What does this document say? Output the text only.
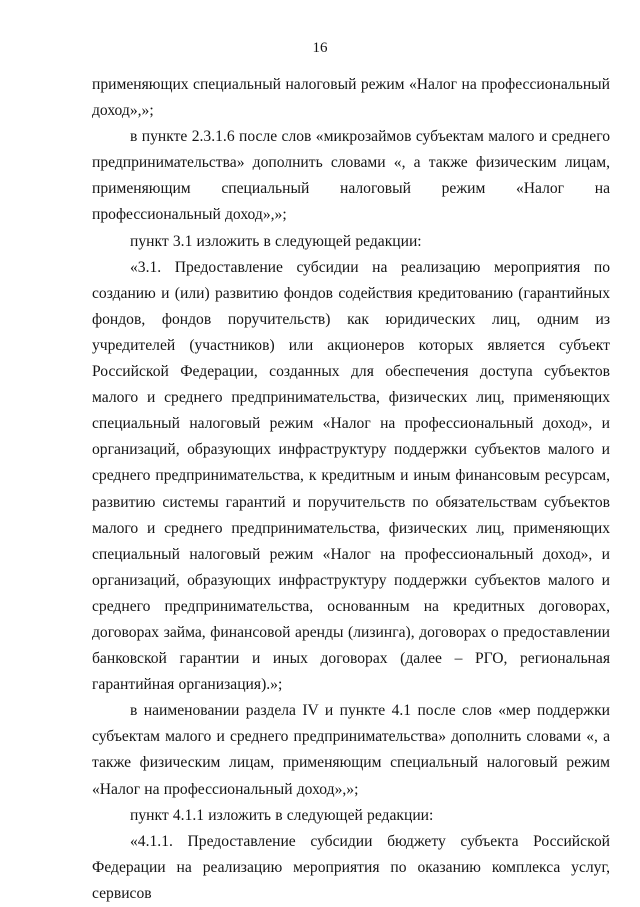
16

применяющих специальный налоговый режим «Налог на профессиональный доход»,»;

в пункте 2.3.1.6 после слов «микрозаймов субъектам малого и среднего предпринимательства» дополнить словами «, а также физическим лицам, применяющим специальный налоговый режим «Налог на профессиональный доход»,»;

пункт 3.1 изложить в следующей редакции:

«3.1. Предоставление субсидии на реализацию мероприятия по созданию и (или) развитию фондов содействия кредитованию (гарантийных фондов, фондов поручительств) как юридических лиц, одним из учредителей (участников) или акционеров которых является субъект Российской Федерации, созданных для обеспечения доступа субъектов малого и среднего предпринимательства, физических лиц, применяющих специальный налоговый режим «Налог на профессиональный доход», и организаций, образующих инфраструктуру поддержки субъектов малого и среднего предпринимательства, к кредитным и иным финансовым ресурсам, развитию системы гарантий и поручительств по обязательствам субъектов малого и среднего предпринимательства, физических лиц, применяющих специальный налоговый режим «Налог на профессиональный доход», и организаций, образующих инфраструктуру поддержки субъектов малого и среднего предпринимательства, основанным на кредитных договорах, договорах займа, финансовой аренды (лизинга), договорах о предоставлении банковской гарантии и иных договорах (далее – РГО, региональная гарантийная организация).»;

в наименовании раздела IV и пункте 4.1 после слов «мер поддержки субъектам малого и среднего предпринимательства» дополнить словами «, а также физическим лицам, применяющим специальный налоговый режим «Налог на профессиональный доход»,»;

пункт 4.1.1 изложить в следующей редакции:

«4.1.1. Предоставление субсидии бюджету субъекта Российской Федерации на реализацию мероприятия по оказанию комплекса услуг, сервисов
